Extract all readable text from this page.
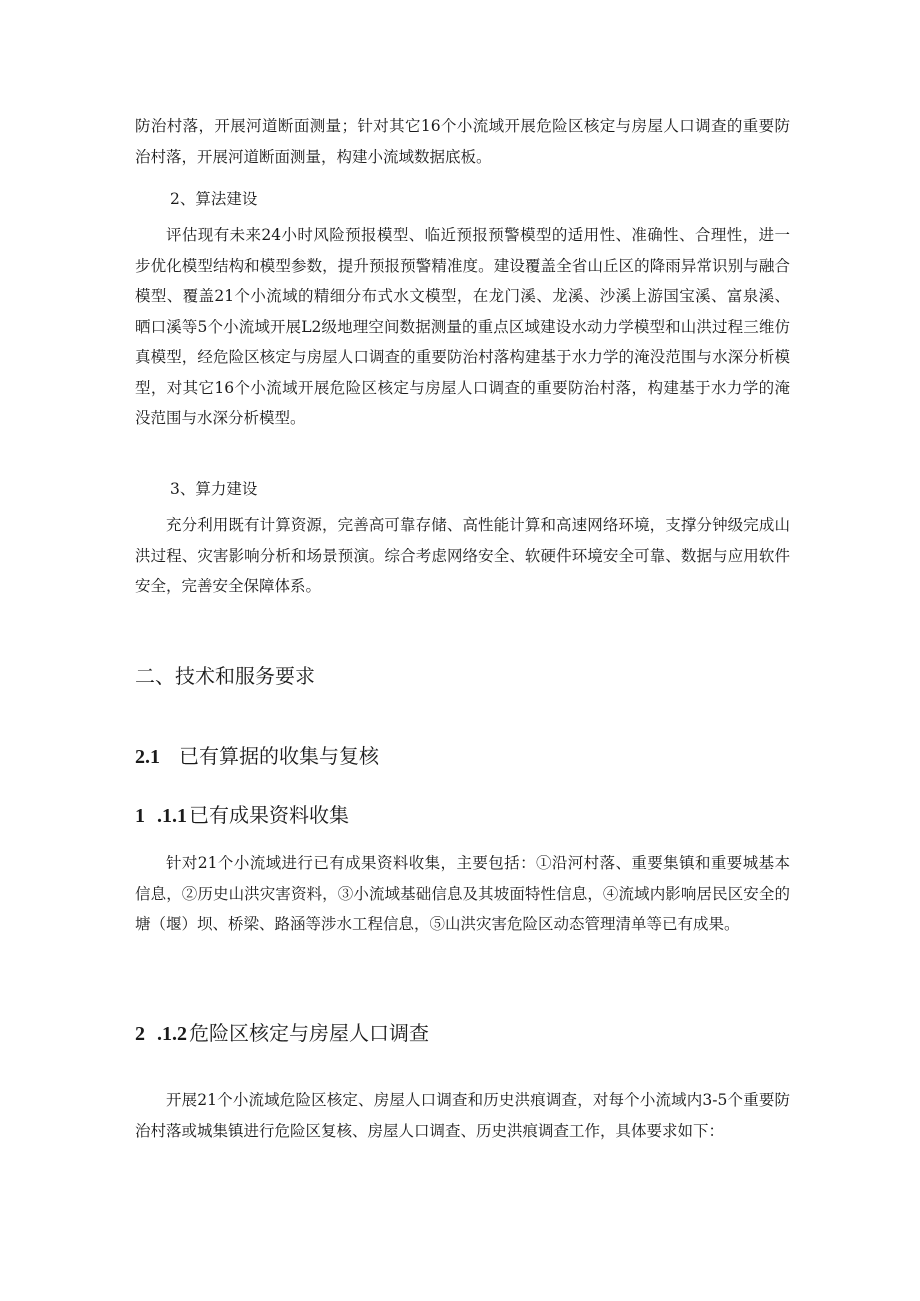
防治村落，开展河道断面测量；针对其它16个小流域开展危险区核定与房屋人口调查的重要防治村落，开展河道断面测量，构建小流域数据底板。

2、算法建设

评估现有未来24小时风险预报模型、临近预报预警模型的适用性、准确性、合理性，进一步优化模型结构和模型参数，提升预报预警精准度。建设覆盖全省山丘区的降雨异常识别与融合模型、覆盖21个小流域的精细分布式水文模型，在龙门溪、龙溪、沙溪上游国宝溪、富泉溪、晒口溪等5个小流域开展L2级地理空间数据测量的重点区域建设水动力学模型和山洪过程三维仿真模型，经危险区核定与房屋人口调查的重要防治村落构建基于水力学的淹没范围与水深分析模型，对其它16个小流域开展危险区核定与房屋人口调查的重要防治村落，构建基于水力学的淹没范围与水深分析模型。

3、算力建设

充分利用既有计算资源，完善高可靠存储、高性能计算和高速网络环境，支撑分钟级完成山洪过程、灾害影响分析和场景预演。综合考虑网络安全、软硬件环境安全可靠、数据与应用软件安全，完善安全保障体系。

二、技术和服务要求
2.1 已有算据的收集与复核
1 .1.1 已有成果资料收集

针对21个小流域进行已有成果资料收集，主要包括：①沿河村落、重要集镇和重要城基本信息，②历史山洪灾害资料，③小流域基础信息及其坡面特性信息，④流域内影响居民区安全的塘（堰）坝、桥梁、路涵等涉水工程信息，⑤山洪灾害危险区动态管理清单等已有成果。

2 .1.2 危险区核定与房屋人口调查

开展21个小流域危险区核定、房屋人口调查和历史洪痕调查，对每个小流域内3-5个重要防治村落或城集镇进行危险区复核、房屋人口调查、历史洪痕调查工作，具体要求如下：
